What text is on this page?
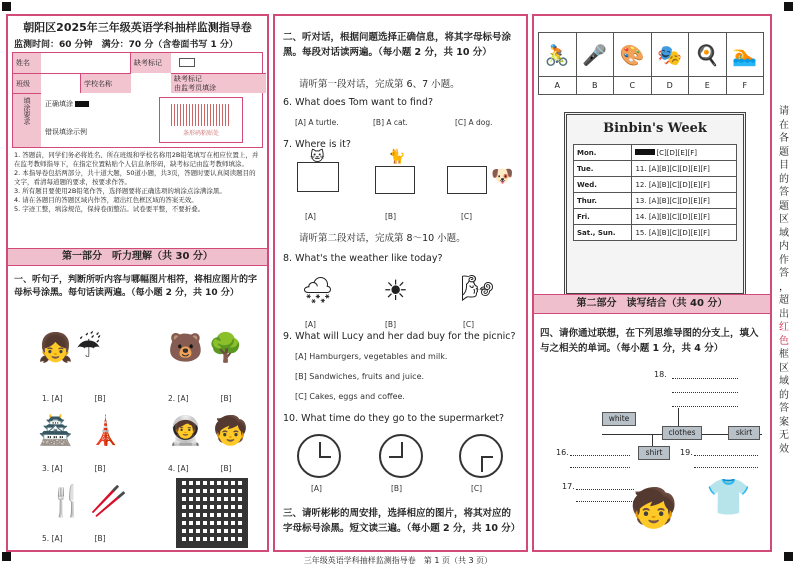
朝阳区2025年三年级英语学科抽样监测指导卷
监测时间：60 分钟　满分：70 分（含卷面书写 1 分）
姓名	缺考标记
班级	学校名称
缺考标记
由监考员填涂
填涂要求	正确填涂
错误填涂示例	条形码粘贴处
1. 答题前，同学们务必将姓名、所在班级和学校名称用2B铅笔填写在相应位置上，并在监考教师指导下，在指定位置粘贴个人信息条形码，缺考标记由监考教师填涂。
2. 本指导卷包括两部分，共十道大题，50道小题，共3页，答题时要认真阅读题目的文字，看清每道题的要求，按要求作答。
3. 所有题目要使用2B铅笔作答，选择题要将正确选项的填涂点涂满涂黑。
4. 请在各题目的答题区域内作答，超出红色框区域的答案无效。
5. 字迹工整，填涂规范，保持卷面整洁。试卷要平整，不要折叠。
第一部分　听力理解（共 30 分）
一、听句子，判断所听内容与哪幅图片相符，将相应图片的字母标号涂黑。每句话读两遍。（每小题 2 分，共 10 分）
👧 ☔ 🐻 🌳
1. [A]	[B]	2. [A]	[B]
🏯 🗼 🧑‍🚀 🧒
3. [A]	[B]	4. [A]	[B]
🍴 🥢
5. [A]	[B]
二、听对话，根据问题选择正确信息，将其字母标号涂黑。每段对话读两遍。（每小题 2 分，共 10 分）
请听第一段对话，完成第 6、7 小题。
6. What does Tom want to find?
[A] A turtle.	[B] A cat.	[C] A dog.
7. Where is it?
🐱	🐈
🐶
[A]	[B]	[C]
请听第二段对话，完成第 8～10 小题。
8. What's the weather like today?
🌨 ☀ 🌬
[A]	[B]	[C]
9. What will Lucy and her dad buy for the picnic?
[A] Hamburgers, vegetables and milk.
[B] Sandwiches, fruits and juice.
[C] Cakes, eggs and coffee.
10. What time do they go to the supermarket?
[A]	[B]	[C]
三、请听彬彬的周安排，选择相应的图片，将其对应的字母标号涂黑。短文读三遍。（每小题 2 分，共 10 分）
🚴	🎤	🎨	🎭	🍳	🏊
A	B	C	D	E	F
Binbin's Week
Mon.	[C][D][E][F]
Tue.	11. [A][B][C][D][E][F]
Wed.	12. [A][B][C][D][E][F]
Thur.	13. [A][B][C][D][E][F]
Fri.	14. [A][B][C][D][E][F]
Sat., Sun.	15. [A][B][C][D][E][F]
第二部分　读写结合（共 40 分）
四、请你通过联想，在下列思维导图的分支上，填入与之相关的单词。（每小题 1 分，共 4 分）
18.
white
clothes	skirt
shirt
16.	19.
17. 🧒 👕
请
在
各
题
目
的
答
题
区
域
内
作
答
，
超
出
红
色
框
区
域
的
答
案
无
效
三年级英语学科抽样监测指导卷　第 1 页（共 3 页）
